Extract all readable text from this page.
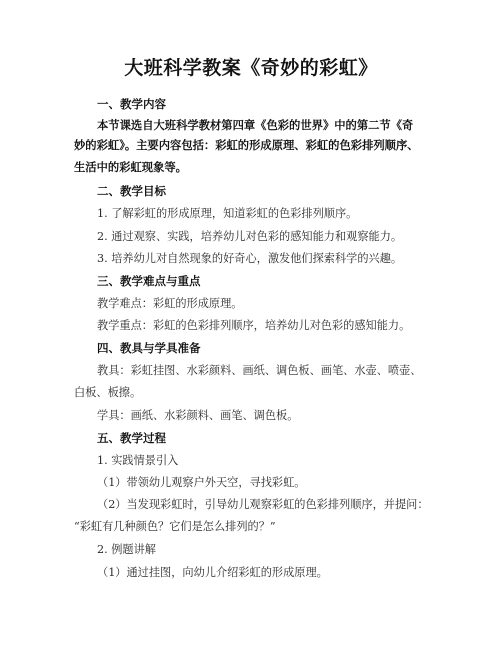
大班科学教案《奇妙的彩虹》
一、教学内容
本节课选自大班科学教材第四章《色彩的世界》中的第二节《奇
妙的彩虹》。主要内容包括：彩虹的形成原理、彩虹的色彩排列顺序、
生活中的彩虹现象等。
二、教学目标
1. 了解彩虹的形成原理，知道彩虹的色彩排列顺序。
2. 通过观察、实践，培养幼儿对色彩的感知能力和观察能力。
3. 培养幼儿对自然现象的好奇心，激发他们探索科学的兴趣。
三、教学难点与重点
教学难点：彩虹的形成原理。
教学重点：彩虹的色彩排列顺序，培养幼儿对色彩的感知能力。
四、教具与学具准备
教具：彩虹挂图、水彩颜料、画纸、调色板、画笔、水壶、喷壶、
白板、板擦。
学具：画纸、水彩颜料、画笔、调色板。
五、教学过程
1. 实践情景引入
（1）带领幼儿观察户外天空，寻找彩虹。
（2）当发现彩虹时，引导幼儿观察彩虹的色彩排列顺序，并提问：
“彩虹有几种颜色？它们是怎么排列的？”
2. 例题讲解
（1）通过挂图，向幼儿介绍彩虹的形成原理。
